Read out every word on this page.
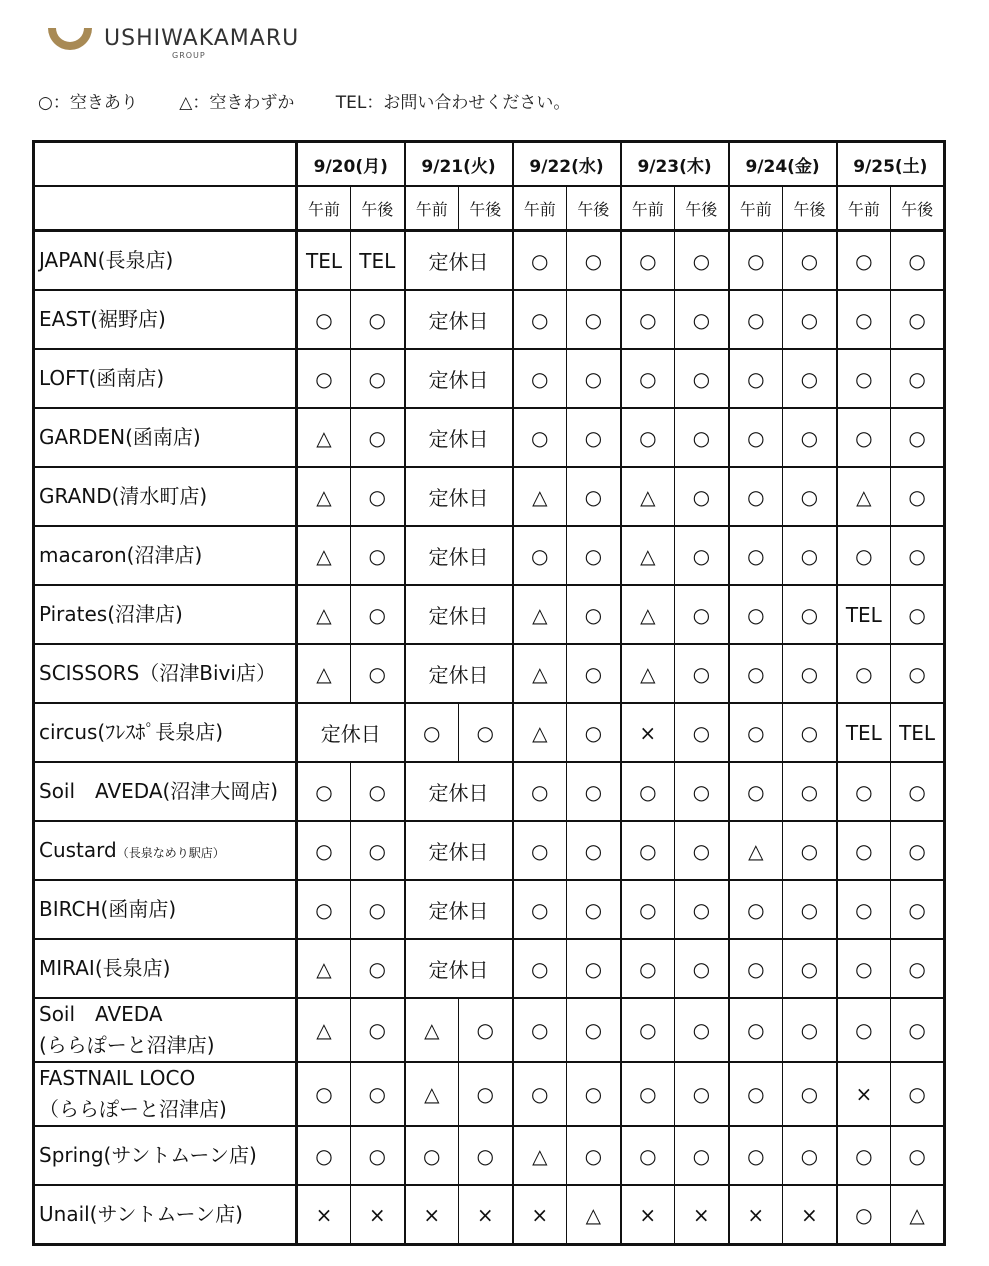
USHIWAKAMARU
GROUP
○：空きあり △：空きわずか TEL：お問い合わせください。
	9/20(月)		9/21(火)		9/22(水)		9/23(木)		9/24(金)		9/25(土)	
	午前	午後	午前	午後	午前	午後	午前	午後	午前	午後	午前	午後
JAPAN(長泉店)	TEL	TEL	定休日		○	○	○	○	○	○	○	○
EAST(裾野店)	○	○	定休日		○	○	○	○	○	○	○	○
LOFT(函南店)	○	○	定休日		○	○	○	○	○	○	○	○
GARDEN(函南店)	△	○	定休日		○	○	○	○	○	○	○	○
GRAND(清水町店)	△	○	定休日		△	○	△	○	○	○	△	○
macaron(沼津店)	△	○	定休日		○	○	△	○	○	○	○	○
Pirates(沼津店)	△	○	定休日		△	○	△	○	○	○	TEL	○
SCISSORS（沼津Bivi店）	△	○	定休日		△	○	△	○	○	○	○	○
circus(ﾌﾚｽﾎﾟ長泉店)	定休日		○	○	△	○	×	○	○	○	TEL	TEL
Soil　AVEDA(沼津大岡店)	○	○	定休日		○	○	○	○	○	○	○	○
Custard（長泉なめり駅店）	○	○	定休日		○	○	○	○	△	○	○	○
BIRCH(函南店)	○	○	定休日		○	○	○	○	○	○	○	○
MIRAI(長泉店)	△	○	定休日		○	○	○	○	○	○	○	○
Soil　AVEDA
(ららぽーと沼津店)	△	○	△	○	○	○	○	○	○	○	○	○
FASTNAIL LOCO
（ららぽーと沼津店)	○	○	△	○	○	○	○	○	○	○	×	○
Spring(サントムーン店)	○	○	○	○	△	○	○	○	○	○	○	○
Unail(サントムーン店)	×	×	×	×	×	△	×	×	×	×	○	△
